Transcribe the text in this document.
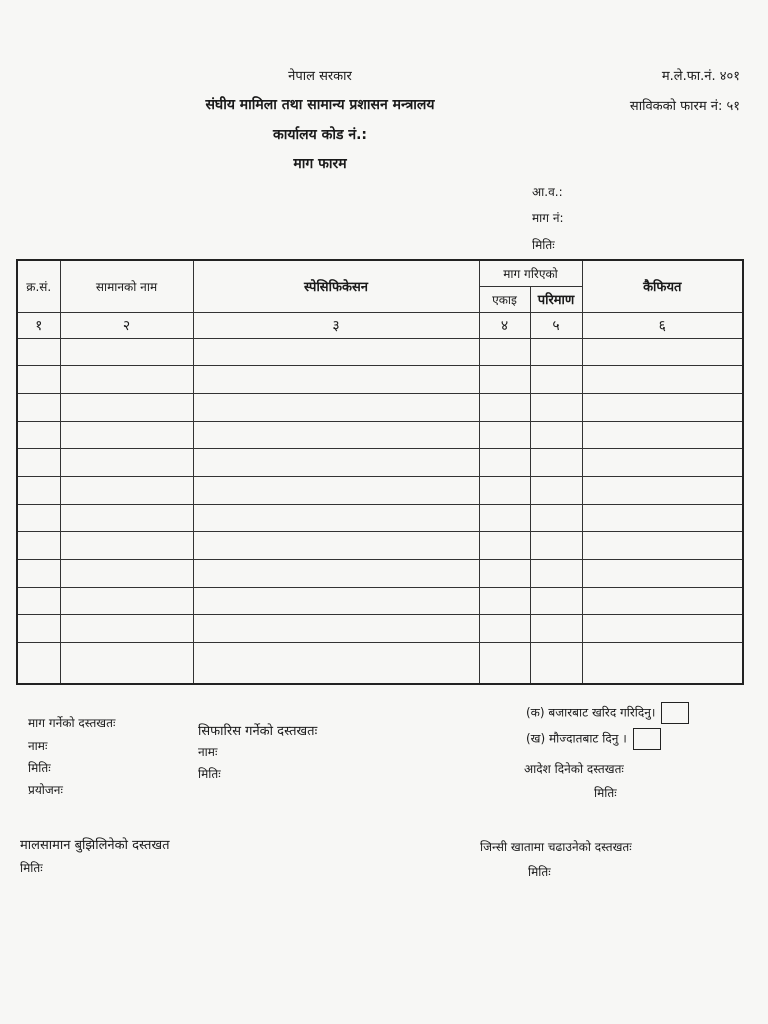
नेपाल सरकार
संघीय मामिला तथा सामान्य प्रशासन मन्त्रालय
कार्यालय कोड नं.:
माग फारम
म.ले.फा.नं. ४०१
साविकको फारम नं: ५१
आ.व.:
माग नं:
मितिः
क्र.सं.	सामानको नाम	स्पेसिफिकेसन	माग गरिएको		कैफियत
			एकाइ	परिमाण	
१	२	३	४	५	६

माग गर्नेको दस्तखतः
नामः
मितिः
प्रयोजनः
सिफारिस गर्नेको दस्तखतः
नामः
मितिः
(क) बजारबाट खरिद गरिदिनु।
(ख) मौज्दातबाट दिनु ।
आदेश दिनेको दस्तखतः
मितिः
मालसामान बुझिलिनेको दस्तखत
मितिः
जिन्सी खातामा चढाउनेको दस्तखतः
मितिः
